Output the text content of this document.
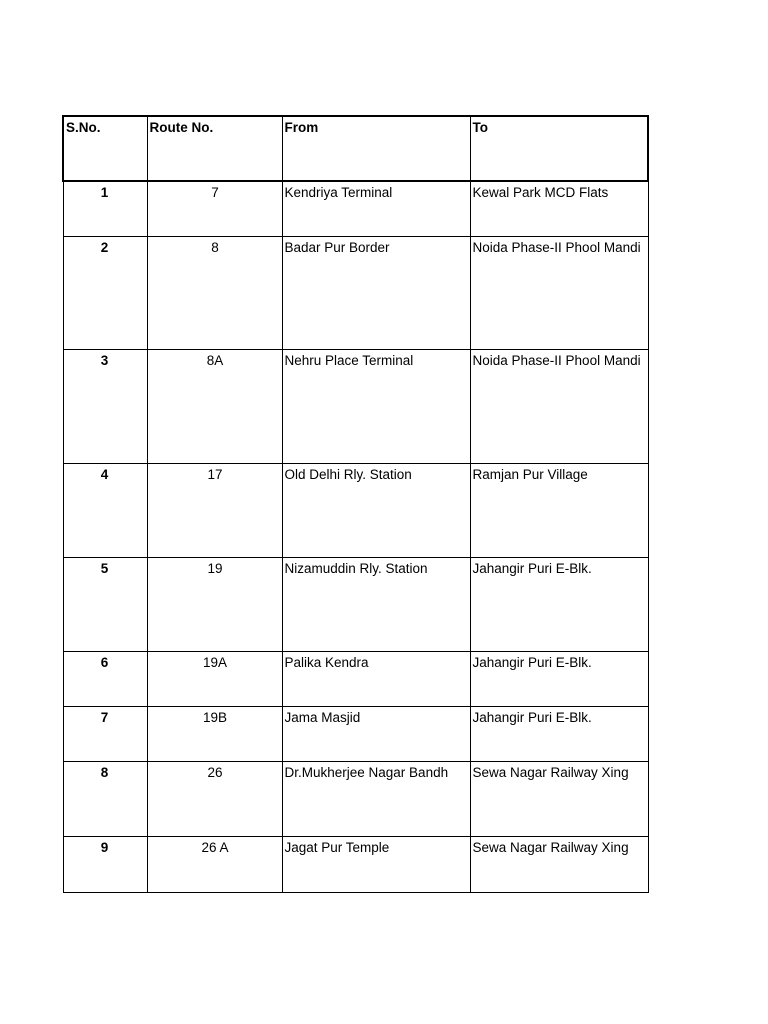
S.No.	Route No.	From	To
1	7	Kendriya Terminal	Kewal Park MCD Flats
2	8	Badar Pur Border	Noida Phase-II Phool Mandi
3	8A	Nehru Place Terminal	Noida Phase-II Phool Mandi
4	17	Old Delhi Rly. Station	Ramjan Pur Village
5	19	Nizamuddin Rly. Station	Jahangir Puri E-Blk.
6	19A	Palika Kendra	Jahangir Puri E-Blk.
7	19B	Jama Masjid	Jahangir Puri E-Blk.
8	26	Dr.Mukherjee Nagar Bandh	Sewa Nagar Railway Xing
9	26 A	Jagat Pur Temple	Sewa Nagar Railway Xing
